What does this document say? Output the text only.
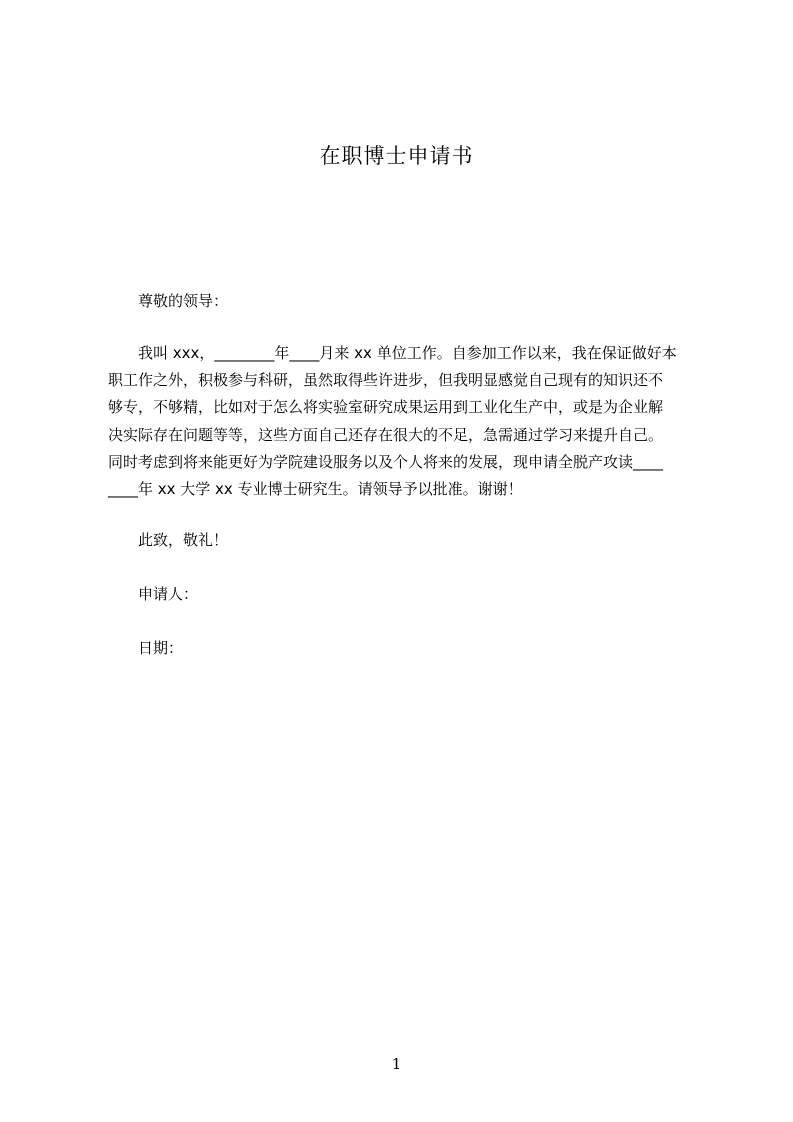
在职博士申请书
尊敬的领导：
我叫 xxx，________年____月来 xx 单位工作。自参加工作以来，我在保证做好本
职工作之外，积极参与科研，虽然取得些许进步，但我明显感觉自己现有的知识还不
够专，不够精，比如对于怎么将实验室研究成果运用到工业化生产中，或是为企业解
决实际存在问题等等，这些方面自己还存在很大的不足，急需通过学习来提升自己。
同时考虑到将来能更好为学院建设服务以及个人将来的发展，现申请全脱产攻读____
____年 xx 大学 xx 专业博士研究生。请领导予以批准。谢谢！
此致，敬礼！
申请人：
日期：
1
